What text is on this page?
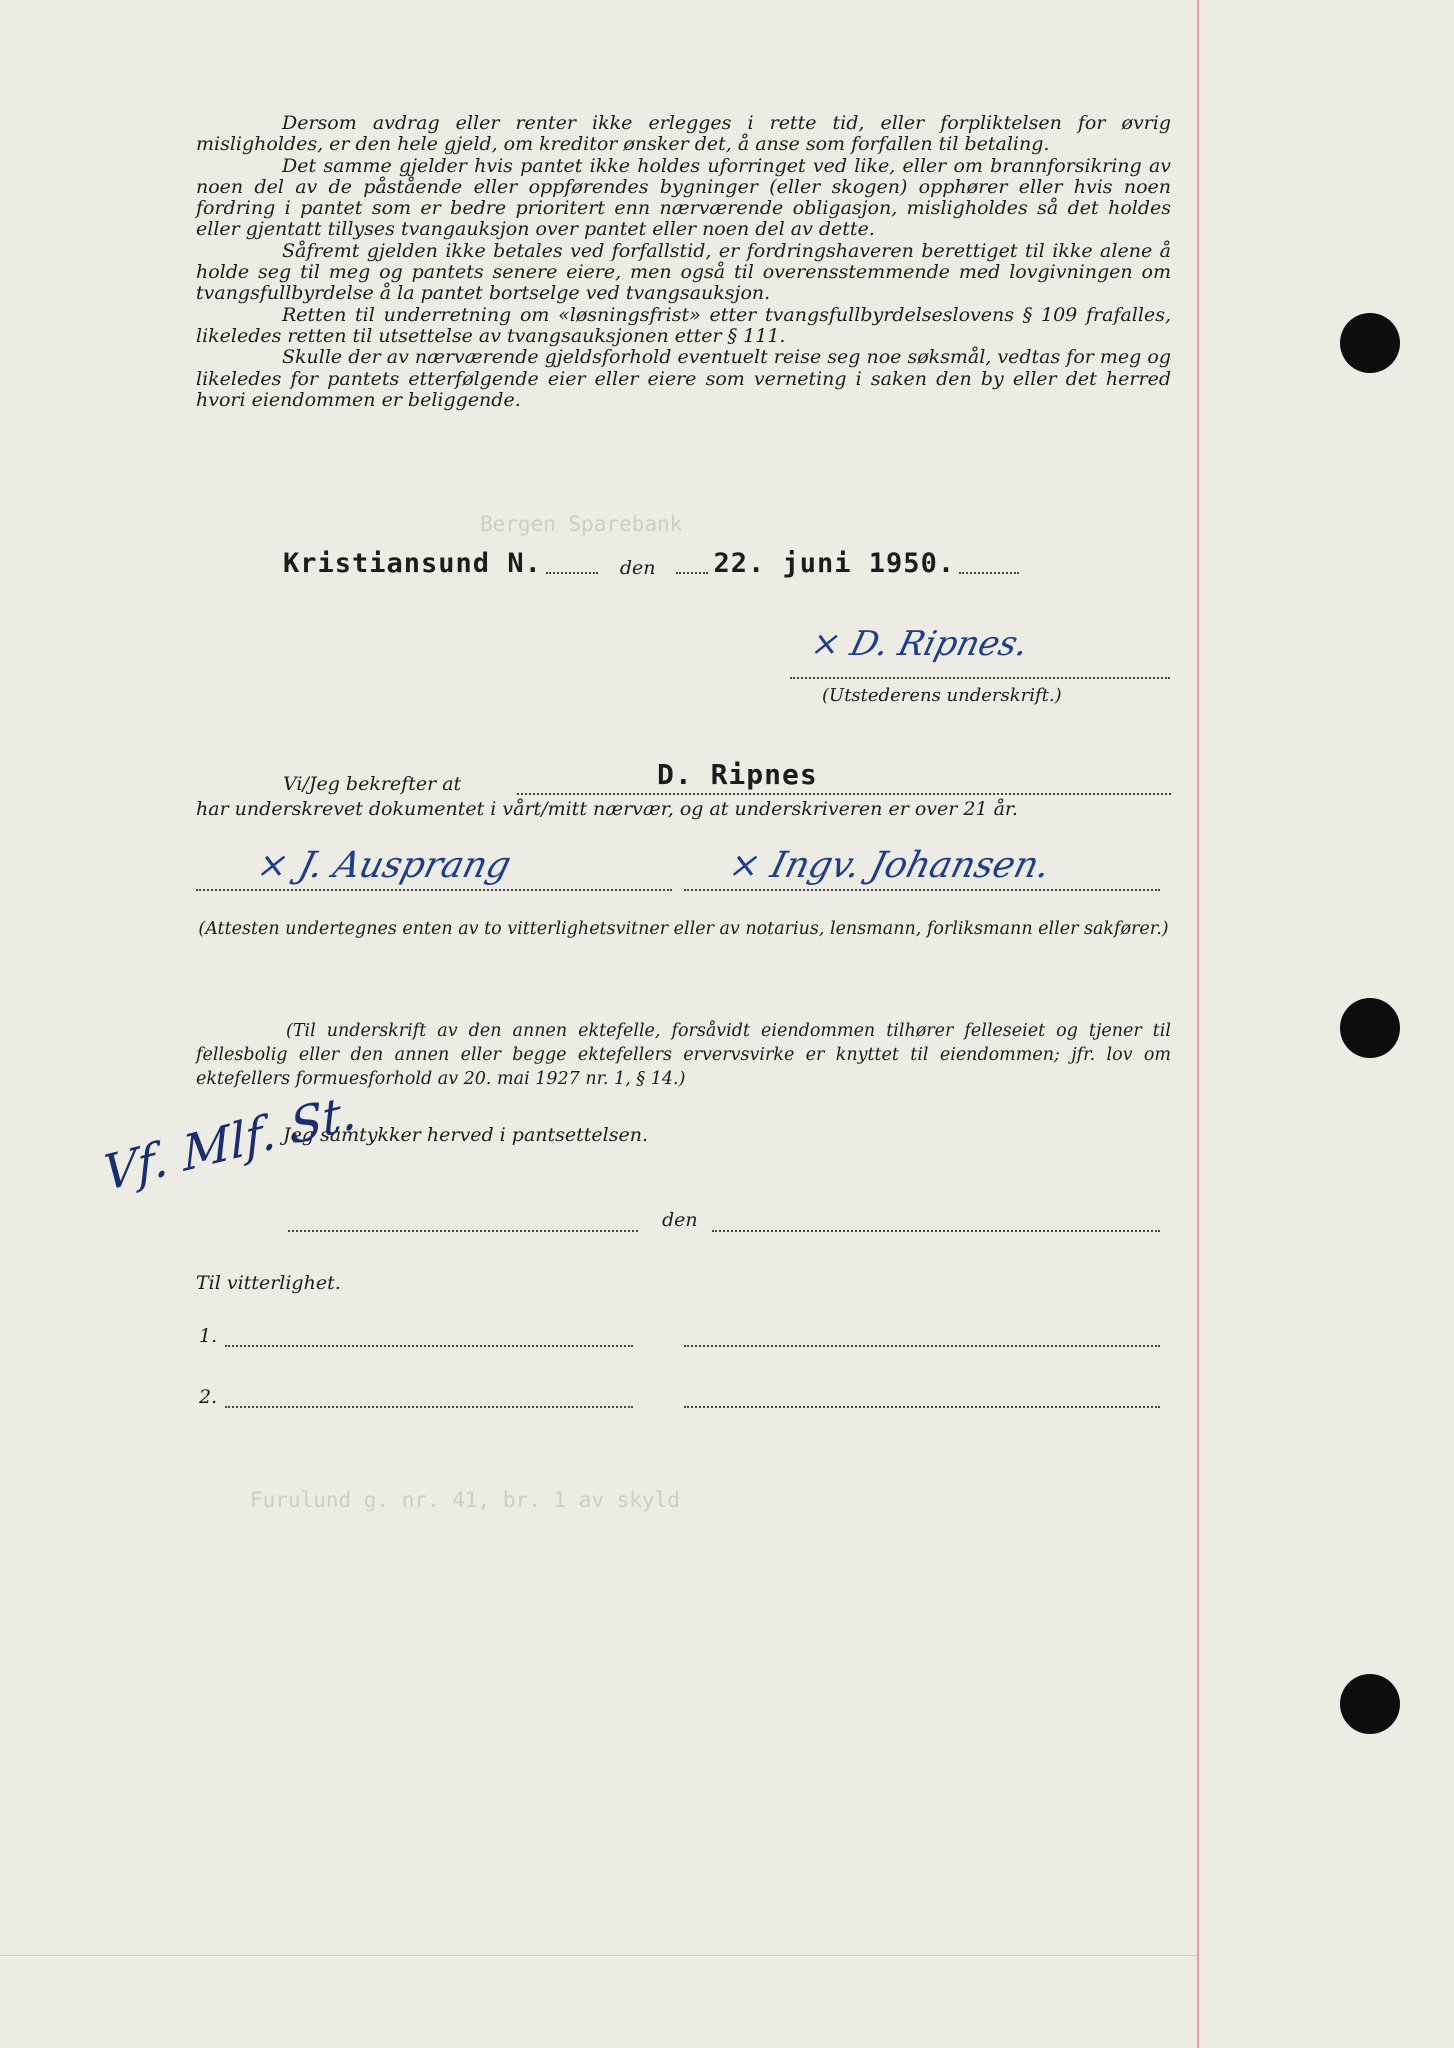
Furulund g. nr. 41, br. 1 av skyld
Bergen Sparebank

Dersom avdrag eller renter ikke erlegges i rette tid, eller forpliktelsen for øvrig misligholdes, er den hele gjeld, om kreditor ønsker det, å anse som forfallen til betaling.

Det samme gjelder hvis pantet ikke holdes uforringet ved like, eller om brannforsikring av noen del av de påstående eller oppførendes bygninger (eller skogen) opphører eller hvis noen fordring i pantet som er bedre prioritert enn nærværende obligasjon, misligholdes så det holdes eller gjentatt tillyses tvangauksjon over pantet eller noen del av dette.

Såfremt gjelden ikke betales ved forfallstid, er fordringshaveren berettiget til ikke alene å holde seg til meg og pantets senere eiere, men også til overensstemmende med lovgivningen om tvangsfullbyrdelse å la pantet bortselge ved tvangsauksjon.

Retten til underretning om «løsningsfrist» etter tvangsfullbyrdelseslovens § 109 frafalles, likeledes retten til utsettelse av tvangsauksjonen etter § 111.

Skulle der av nærværende gjeldsforhold eventuelt reise seg noe søksmål, vedtas for meg og likeledes for pantets etterfølgende eier eller eiere som verneting i saken den by eller det herred hvori eiendommen er beliggende.

Kristiansund N.	den 22. juni 1950.
× D. Ripnes.
(Utstederens underskrift.)
Vi/Jeg bekrefter at	D. Ripnes
har underskrevet dokumentet i vårt/mitt nærvær, og at underskriveren er over 21 år.
× J. Ausprang	× Ingv. Johansen.
(Attesten undertegnes enten av to vitterlighetsvitner eller av notarius, lensmann, forliksmann eller sakfører.)

(Til underskrift av den annen ektefelle, forsåvidt eiendommen tilhører felleseiet og tjener til fellesbolig eller den annen eller begge ektefellers ervervsvirke er knyttet til eiendommen; jfr. lov om ektefellers formuesforhold av 20. mai 1927 nr. 1, § 14.)

Jeg samtykker herved i pantsettelsen.
Vf. Mlf. St.
den
Til vitterlighet.
1.
2.
